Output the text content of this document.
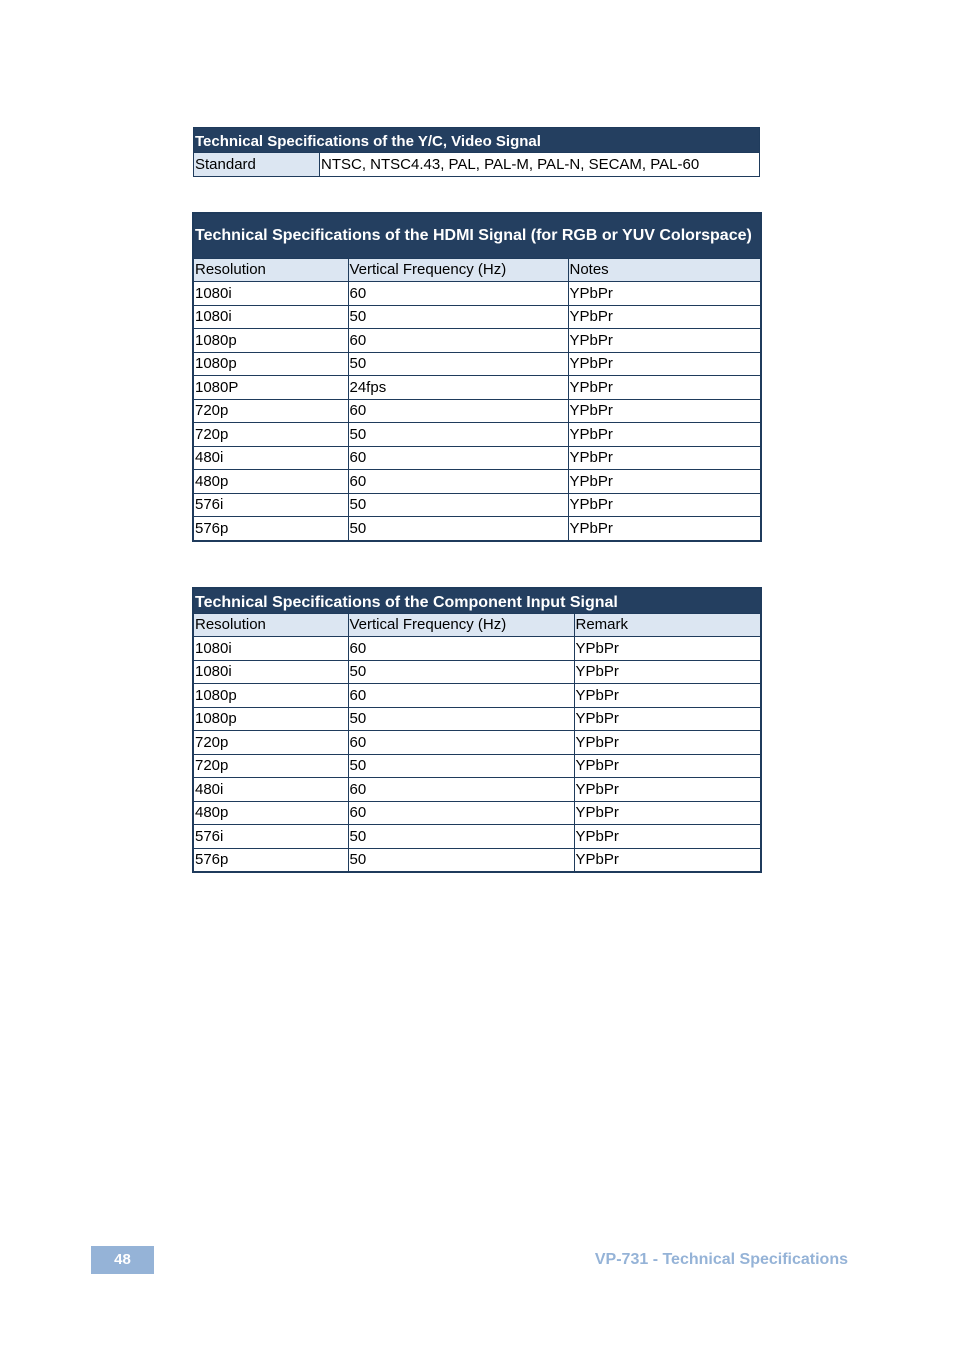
Technical Specifications of the Y/C, Video Signal
Standard	NTSC, NTSC4.43, PAL, PAL-M, PAL-N, SECAM, PAL-60
Technical Specifications of the HDMI Signal (for RGB or YUV Colorspace)		
Resolution	Vertical Frequency (Hz)	Notes
1080i	60	YPbPr
1080i	50	YPbPr
1080p	60	YPbPr
1080p	50	YPbPr
1080P	24fps	YPbPr
720p	60	YPbPr
720p	50	YPbPr
480i	60	YPbPr
480p	60	YPbPr
576i	50	YPbPr
576p	50	YPbPr
Technical Specifications of the Component Input Signal		
Resolution	Vertical Frequency (Hz)	Remark
1080i	60	YPbPr
1080i	50	YPbPr
1080p	60	YPbPr
1080p	50	YPbPr
720p	60	YPbPr
720p	50	YPbPr
480i	60	YPbPr
480p	60	YPbPr
576i	50	YPbPr
576p	50	YPbPr
48	VP-731 - Technical Specifications
